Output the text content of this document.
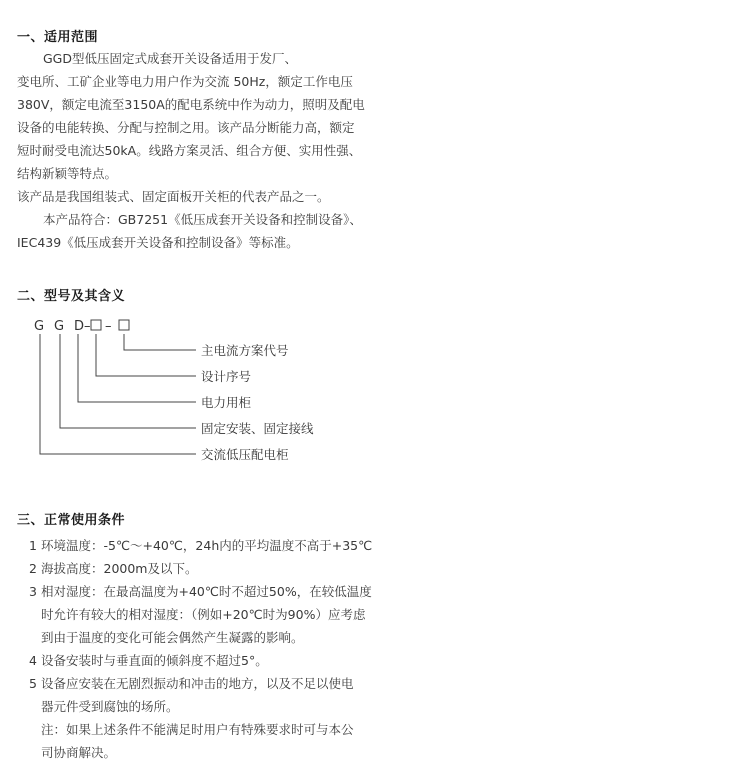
一、适用范围
GGD型低压固定式成套开关设备适用于发厂、
变电所、工矿企业等电力用户作为交流 50Hz，额定工作电压
380V，额定电流至3150A的配电系统中作为动力，照明及配电
设备的电能转换、分配与控制之用。该产品分断能力高，额定
短时耐受电流达50kA。线路方案灵活、组合方便、实用性强、
结构新颖等特点。
该产品是我国组装式、固定面板开关柜的代表产品之一。
本产品符合：GB7251《低压成套开关设备和控制设备》、
IEC439《低压成套开关设备和控制设备》等标准。
二、型号及其含义
G G D– –
主电流方案代号
设计序号
电力用柜
固定安装、固定接线
交流低压配电柜
三、正常使用条件
1 环境温度：-5℃～+40℃，24h内的平均温度不高于+35℃
2 海拔高度：2000m及以下。
3 相对湿度：在最高温度为+40℃时不超过50%，在较低温度
时允许有较大的相对湿度：（例如+20℃时为90%）应考虑
到由于温度的变化可能会偶然产生凝露的影响。
4 设备安装时与垂直面的倾斜度不超过5°。
5 设备应安装在无剧烈振动和冲击的地方，以及不足以使电
器元件受到腐蚀的场所。
注：如果上述条件不能满足时用户有特殊要求时可与本公
司协商解决。
